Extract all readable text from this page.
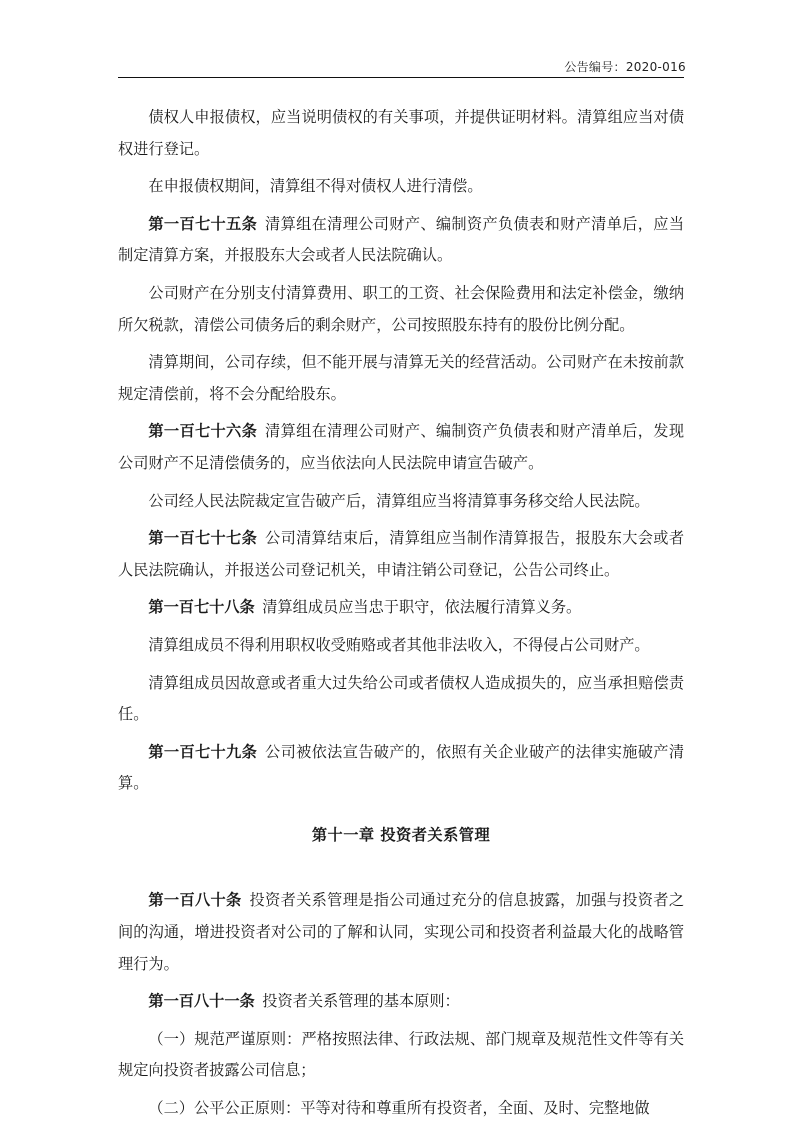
公告编号：2020-016

债权人申报债权，应当说明债权的有关事项，并提供证明材料。清算组应当对债权进行登记。

在申报债权期间，清算组不得对债权人进行清偿。

第一百七十五条  清算组在清理公司财产、编制资产负债表和财产清单后，应当制定清算方案，并报股东大会或者人民法院确认。

公司财产在分别支付清算费用、职工的工资、社会保险费用和法定补偿金，缴纳所欠税款，清偿公司债务后的剩余财产，公司按照股东持有的股份比例分配。

清算期间，公司存续，但不能开展与清算无关的经营活动。公司财产在未按前款规定清偿前，将不会分配给股东。

第一百七十六条  清算组在清理公司财产、编制资产负债表和财产清单后，发现公司财产不足清偿债务的，应当依法向人民法院申请宣告破产。

公司经人民法院裁定宣告破产后，清算组应当将清算事务移交给人民法院。

第一百七十七条  公司清算结束后，清算组应当制作清算报告，报股东大会或者人民法院确认，并报送公司登记机关，申请注销公司登记，公告公司终止。

第一百七十八条  清算组成员应当忠于职守，依法履行清算义务。

清算组成员不得利用职权收受贿赂或者其他非法收入，不得侵占公司财产。

清算组成员因故意或者重大过失给公司或者债权人造成损失的，应当承担赔偿责任。

第一百七十九条  公司被依法宣告破产的，依照有关企业破产的法律实施破产清算。

第十一章 投资者关系管理

第一百八十条  投资者关系管理是指公司通过充分的信息披露，加强与投资者之间的沟通，增进投资者对公司的了解和认同，实现公司和投资者利益最大化的战略管理行为。

第一百八十一条  投资者关系管理的基本原则：

（一）规范严谨原则：严格按照法律、行政法规、部门规章及规范性文件等有关规定向投资者披露公司信息；

（二）公平公正原则：平等对待和尊重所有投资者，全面、及时、完整地做
